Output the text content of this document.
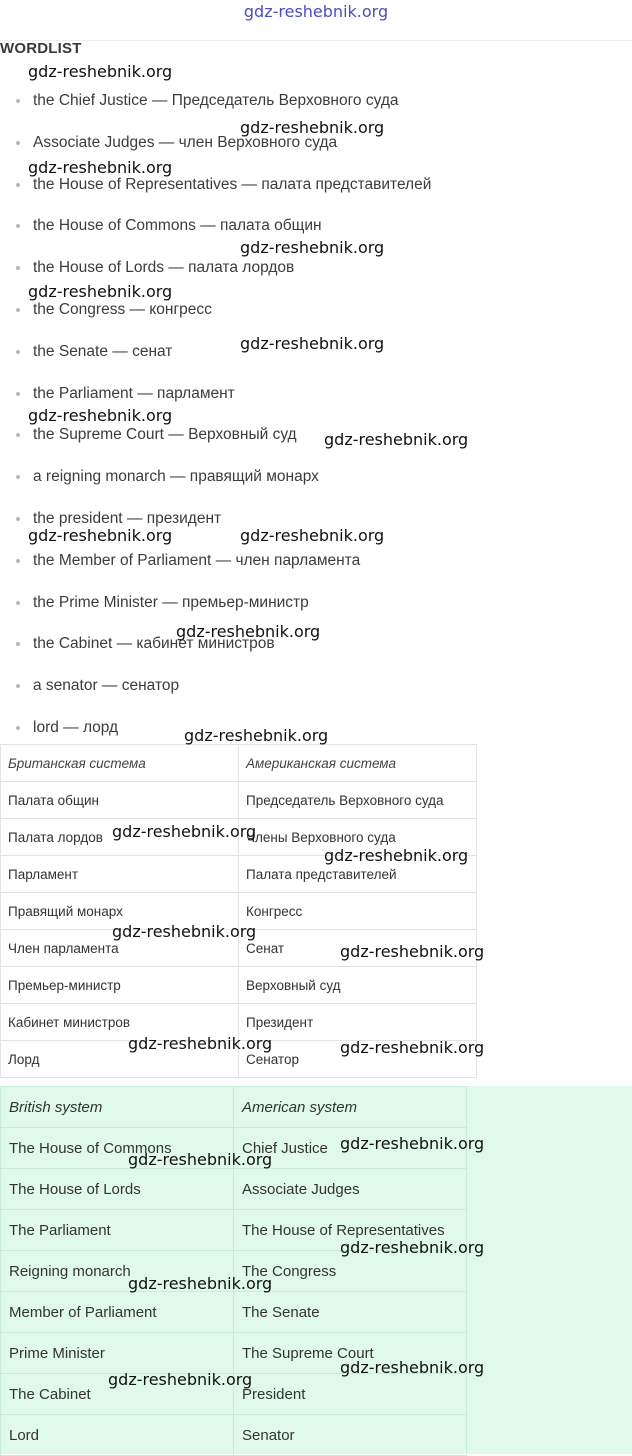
gdz-reshebnik.org
WORDLIST
the Chief Justice — Председатель Верховного суда
Associate Judges — член Верховного суда
the House of Representatives — палата представителей
the House of Commons — палата общин
the House of Lords — палата лордов
the Congress — конгресс
the Senate — сенат
the Parliament — парламент
the Supreme Court — Верховный суд
a reigning monarch — правящий монарх
the president — президент
the Member of Parliament — член парламента
the Prime Minister — премьер-министр
the Cabinet — кабинет министров
a senator — сенатор
lord — лорд
Британская система	Американская система
Палата общин	Председатель Верховного суда
Палата лордов	Члены Верховного суда
Парламент	Палата представителей
Правящий монарх	Конгресс
Член парламента	Сенат
Премьер-министр	Верховный суд
Кабинет министров	Президент
Лорд	Сенатор
British system	American system
The House of Commons	Chief Justice
The House of Lords	Associate Judges
The Parliament	The House of Representatives
Reigning monarch	The Congress
Member of Parliament	The Senate
Prime Minister	The Supreme Court
The Cabinet	President
Lord	Senator
gdz-reshebnik.org
gdz-reshebnik.org
gdz-reshebnik.org
gdz-reshebnik.org
gdz-reshebnik.org
gdz-reshebnik.org
gdz-reshebnik.org
gdz-reshebnik.org
gdz-reshebnik.org	gdz-reshebnik.org
gdz-reshebnik.org
gdz-reshebnik.org
gdz-reshebnik.org
gdz-reshebnik.org
gdz-reshebnik.org
gdz-reshebnik.org
gdz-reshebnik.org	gdz-reshebnik.org
gdz-reshebnik.org
gdz-reshebnik.org
gdz-reshebnik.org
gdz-reshebnik.org
gdz-reshebnik.org
gdz-reshebnik.org
